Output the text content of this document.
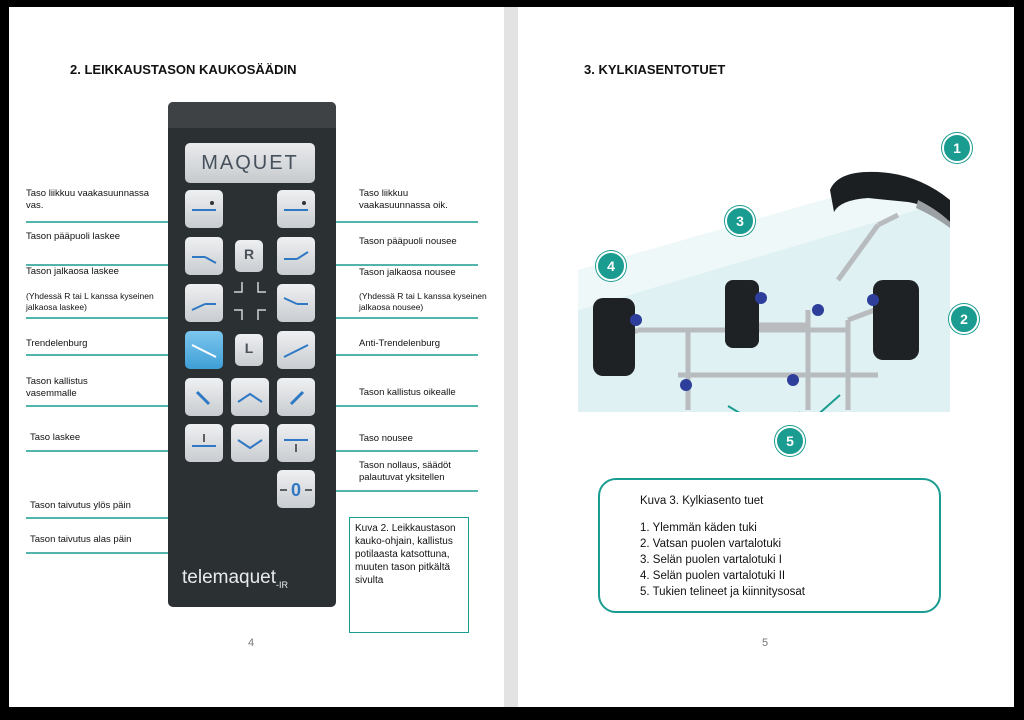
2. LEIKKAUSTASON KAUKOSÄÄDIN
MAQUET
R
L
0
telemaquet$_{-IR}$
Taso liikkuu vaakasuunnassa vas.
Tason pääpuoli laskee
Tason jalkaosa laskee
(Yhdessä R tai L kanssa kyseinen jalkaosa laskee)
Trendelenburg
Tason kallistus vasemmalle
Taso laskee
Tason taivutus ylös päin
Tason taivutus alas päin
Taso liikkuu vaakasuunnassa oik.
Tason pääpuoli nousee
Tason jalkaosa nousee
(Yhdessä R tai L kanssa kyseinen jalkaosa nousee)
Anti-Trendelenburg
Tason kallistus oikealle
Taso nousee
Tason nollaus, säädöt palautuvat yksitellen
Kuva 2. Leikkaustason kauko-ohjain, kallistus potilaasta katsottuna, muuten tason pitkältä sivulta
4
3. KYLKIASENTOTUET
1
2
3
4
5
Kuva 3. Kylkiasento tuet
1. Ylemmän käden tuki
2. Vatsan puolen vartalotuki
3. Selän puolen vartalotuki I
4. Selän puolen vartalotuki II
5. Tukien telineet ja kiinnitysosat
5
